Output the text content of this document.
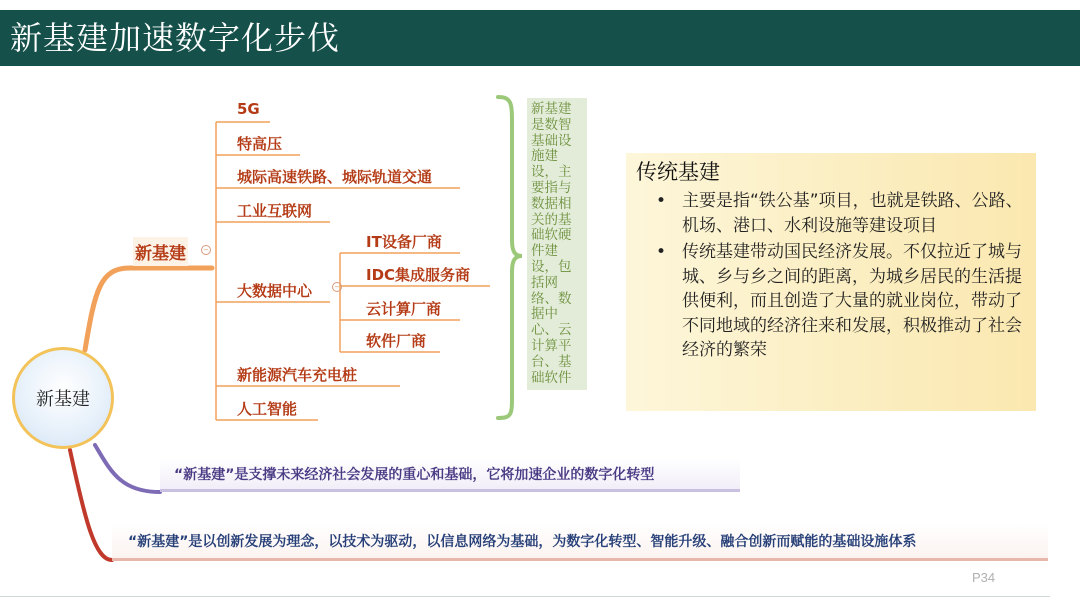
新基建加速数字化步伐
新基建
新基建 −
−
5G
特高压
城际高速铁路、城际轨道交通
工业互联网
大数据中心
新能源汽车充电桩
人工智能
IT设备厂商
IDC集成服务商
云计算厂商
软件厂商
新基建是数智基础设施建设，主要指与数据相关的基础软硬件建设，包括网络、数据中心、云计算平台、基础软件
传统基建
• 主要是指“铁公基”项目，也就是铁路、公路、机场、港口、水利设施等建设项目
• 传统基建带动国民经济发展。不仅拉近了城与城、乡与乡之间的距离，为城乡居民的生活提供便利，而且创造了大量的就业岗位，带动了不同地域的经济往来和发展，积极推动了社会经济的繁荣
“新基建”是支撑未来经济社会发展的重心和基础，它将加速企业的数字化转型
“新基建”是以创新发展为理念，以技术为驱动，以信息网络为基础，为数字化转型、智能升级、融合创新而赋能的基础设施体系
P34
